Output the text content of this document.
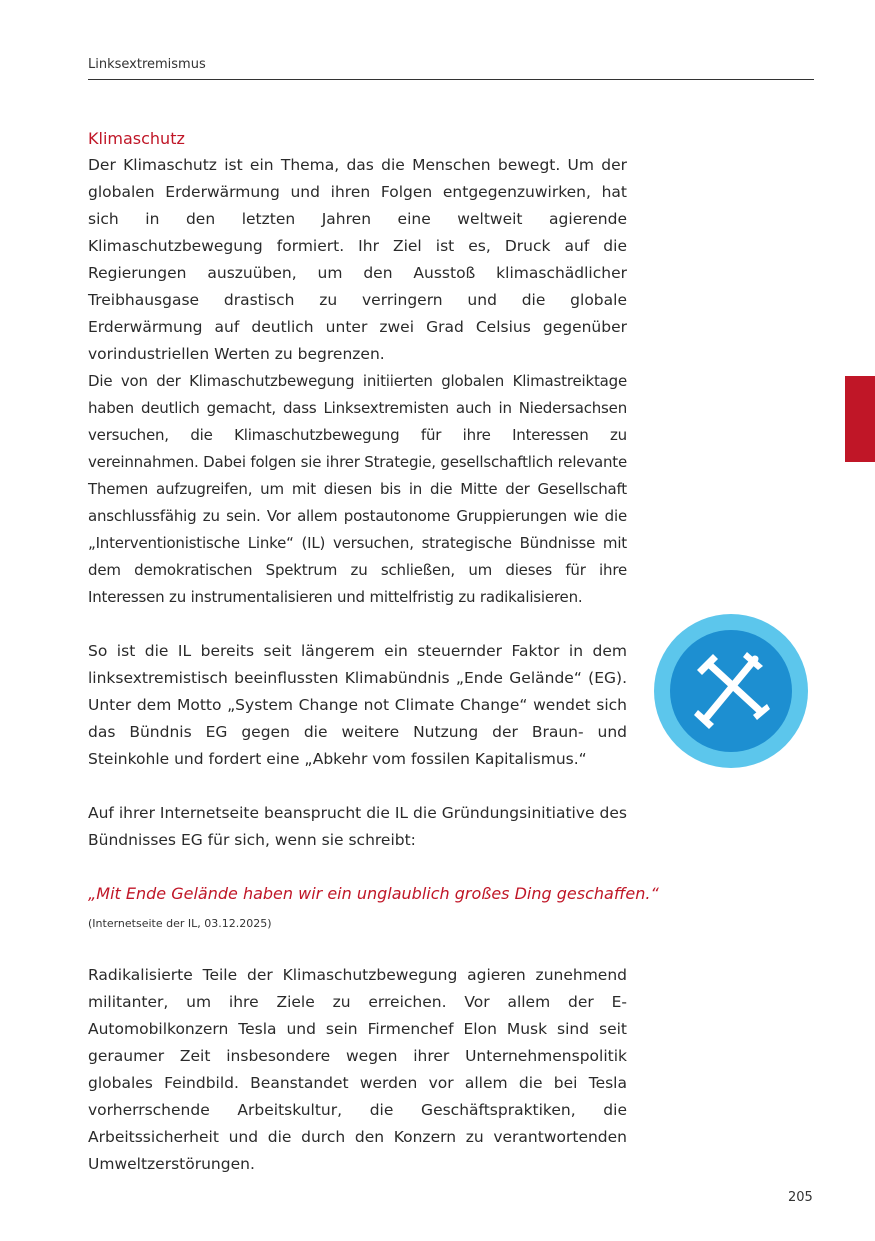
Linksextremismus
Klimaschutz

Der Klimaschutz ist ein Thema, das die Menschen bewegt. Um der globalen Erderwärmung und ihren Folgen entgegenzuwirken, hat sich in den letzten Jahren eine weltweit agierende Klimaschutzbewegung formiert. Ihr Ziel ist es, Druck auf die Regierungen auszuüben, um den Ausstoß klimaschädlicher Treibhausgase drastisch zu verringern und die globale Erderwärmung auf deutlich unter zwei Grad Celsius gegenüber vorindustriellen Werten zu begrenzen.

Die von der Klimaschutzbewegung initiierten globalen Klimastreiktage haben deutlich gemacht, dass Linksextremisten auch in Niedersachsen versuchen, die Klimaschutzbewegung für ihre Interessen zu vereinnahmen. Dabei folgen sie ihrer Strategie, gesellschaftlich relevante Themen aufzugreifen, um mit diesen bis in die Mitte der Gesellschaft anschlussfähig zu sein. Vor allem postautonome Gruppierungen wie die „Interventionistische Linke“ (IL) versuchen, strategische Bündnisse mit dem demokratischen Spektrum zu schließen, um dieses für ihre Interessen zu instrumentalisieren und mittelfristig zu radikalisieren.

So ist die IL bereits seit längerem ein steuernder Faktor in dem linksextremistisch beeinflussten Klimabündnis „Ende Gelände“ (EG). Unter dem Motto „System Change not Climate Change“ wendet sich das Bündnis EG gegen die weitere Nutzung der Braun- und Steinkohle und fordert eine „Abkehr vom fossilen Kapitalismus.“

Auf ihrer Internetseite beansprucht die IL die Gründungsinitiative des Bündnisses EG für sich, wenn sie schreibt:

„Mit Ende Gelände haben wir ein unglaublich großes Ding geschaffen.“
(Internetseite der IL, 03.12.2025)

Radikalisierte Teile der Klimaschutzbewegung agieren zunehmend militanter, um ihre Ziele zu erreichen. Vor allem der E-Automobilkonzern Tesla und sein Firmenchef Elon Musk sind seit geraumer Zeit insbesondere wegen ihrer Unternehmenspolitik globales Feindbild. Beanstandet werden vor allem die bei Tesla vorherrschende Arbeitskultur, die Geschäftspraktiken, die Arbeitssicherheit und die durch den Konzern zu verantwortenden Umweltzerstörungen.

205
